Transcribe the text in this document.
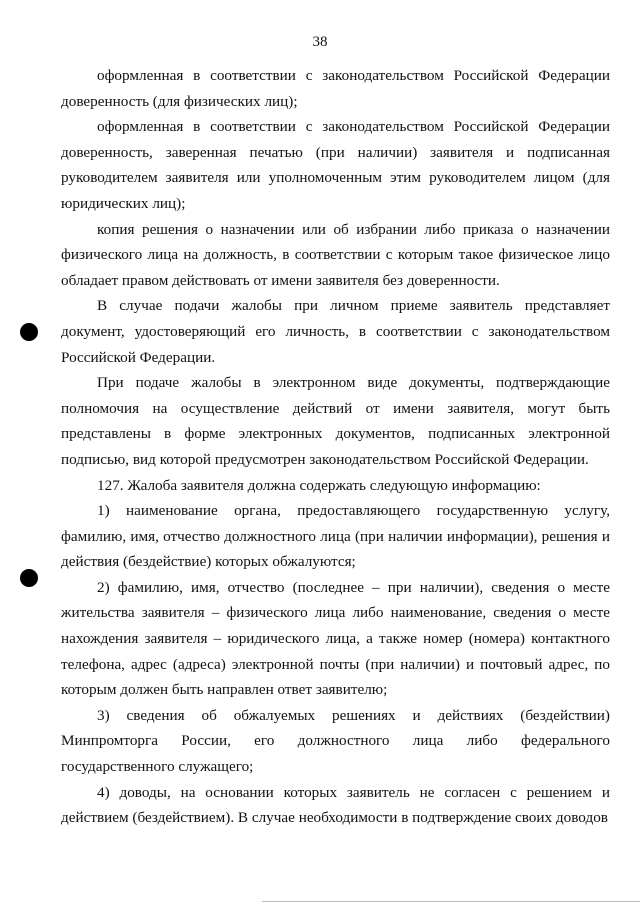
38

оформленная в соответствии с законодательством Российской Федерации доверенность (для физических лиц);

оформленная в соответствии с законодательством Российской Федерации доверенность, заверенная печатью (при наличии) заявителя и подписанная руководителем заявителя или уполномоченным этим руководителем лицом (для юридических лиц);

копия решения о назначении или об избрании либо приказа о назначении физического лица на должность, в соответствии с которым такое физическое лицо обладает правом действовать от имени заявителя без доверенности.

В случае подачи жалобы при личном приеме заявитель представляет документ, удостоверяющий его личность, в соответствии с законодательством Российской Федерации.

При подаче жалобы в электронном виде документы, подтверждающие полномочия на осуществление действий от имени заявителя, могут быть представлены в форме электронных документов, подписанных электронной подписью, вид которой предусмотрен законодательством Российской Федерации.

127. Жалоба заявителя должна содержать следующую информацию:

1) наименование органа, предоставляющего государственную услугу, фамилию, имя, отчество должностного лица (при наличии информации), решения и действия (бездействие) которых обжалуются;

2) фамилию, имя, отчество (последнее – при наличии), сведения о месте жительства заявителя – физического лица либо наименование, сведения о месте нахождения заявителя – юридического лица, а также номер (номера) контактного телефона, адрес (адреса) электронной почты (при наличии) и почтовый адрес, по которым должен быть направлен ответ заявителю;

3) сведения об обжалуемых решениях и действиях (бездействии) Минпромторга России, его должностного лица либо федерального государственного служащего;

4) доводы, на основании которых заявитель не согласен с решением и действием (бездействием). В случае необходимости в подтверждение своих доводов
